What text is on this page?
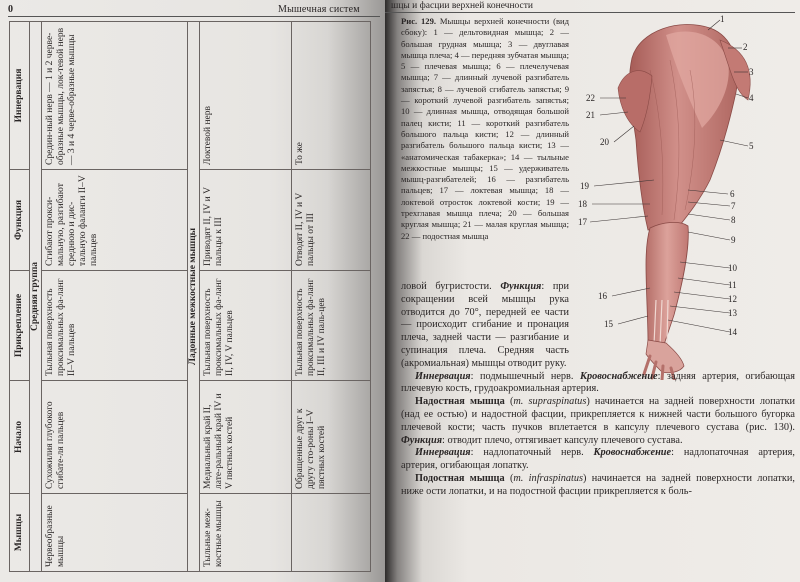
0	Мышечная систем
Мышцы	Начало	Прикрепление	Функция	Иннервация
Средняя группа				
Червеобразные мышцы	Сухожилия глубокого сгибате-ля пальцев	Тыльная поверхность проксимальных фа-ланг II–V пальцев	Сгибают прокси-мальную, разгибают среднюю и дис-тальную фаланги II–V пальцев	Средин-ный нерв — 1 и 2 черве-образные мышцы, лок-тевой нерв — 3 и 4 черве-образные мышцы
Ладонные межкостные мышцы				
Тыльные меж-костные мышцы	Медиальный край II, лате-ральный край IV и V пястных костей	Тыльная поверхность проксимальных фа-ланг II, IV, V пальцев	Приводят II, IV и V пальцы к III	Локтевой нерв
	Обращенные друг к другу сто-роны I–V пястных костей	Тыльная поверхность проксимальных фа-ланг II, III и IV паль-цев	Отводят II, IV и V пальцы от III	То же
шцы и фасции верхней конечности
Рис. 129. Мышцы верхней конечности (вид сбоку): 1 — дельтовидная мышца; 2 — большая грудная мышца; 3 — двуглавая мышца плеча; 4 — передняя зубчатая мышца; 5 — плечевая мышца; 6 — плечелучевая мышца; 7 — длинный лучевой разгибатель запястья; 8 — лучевой сгибатель запястья; 9 — короткий лучевой разгибатель запястья; 10 — длинная мышца, отводящая большой палец кисти; 11 — короткий разгибатель большого пальца кисти; 12 — длинный разгибатель большого пальца кисти; 13 — «анатомическая табакерка»; 14 — тыльные межкостные мышцы; 15 — удерживатель мышц-разгибателей; 16 — разгибатель пальцев; 17 — локтевая мышца; 18 — локтевой отросток локтевой кости; 19 — трехглавая мышца плеча; 20 — большая круглая мышца; 21 — малая круглая мышца; 22 — подостная мышца
1
2
3
4
5
6
7
8
9
10
11
12
13
14
15
16
17
18
19
20
21
22

ловой бугристости. Функция: при сокращении всей мышцы рука отводится до 70°, передней ее части — происходит сгибание и пронация плеча, задней части — разгибание и супинация плеча. Средняя часть (акромиальная) мышцы отводит руку.

Иннервация: подмышечный нерв. Кровоснабжение: задняя артерия, огибающая плечевую кость, грудоакромиальная артерия.

Надостная мышца (m. supraspinatus) начинается на задней поверхности лопатки (над ее остью) и надостной фасции, прикрепляется к нижней части большого бугорка плечевой кости; часть пучков вплетается в капсулу плечевого сустава (рис. 130). Функция: отводит плечо, оттягивает капсулу плечевого сустава.

Иннервация: надлопаточный нерв. Кровоснабжение: надлопаточная артерия, артерия, огибающая лопатку.

Подостная мышца (m. infraspinatus) начинается на задней поверхности лопатки, ниже ости лопатки, и на подостной фасции прикрепляется к боль-
